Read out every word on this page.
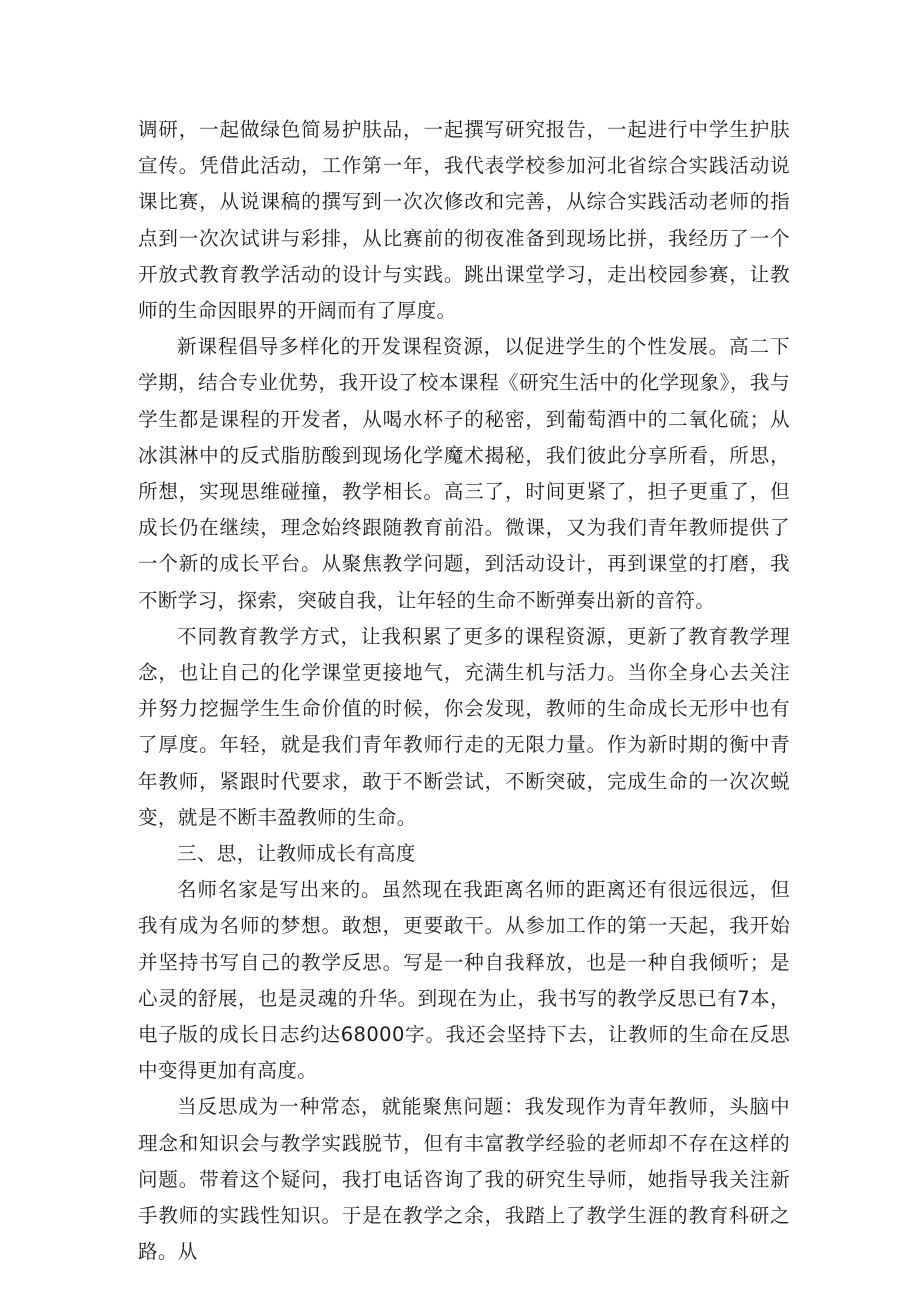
调研，一起做绿色简易护肤品，一起撰写研究报告，一起进行中学生护肤宣传。凭借此活动，工作第一年，我代表学校参加河北省综合实践活动说课比赛，从说课稿的撰写到一次次修改和完善，从综合实践活动老师的指点到一次次试讲与彩排，从比赛前的彻夜准备到现场比拼，我经历了一个开放式教育教学活动的设计与实践。跳出课堂学习，走出校园参赛，让教师的生命因眼界的开阔而有了厚度。

新课程倡导多样化的开发课程资源，以促进学生的个性发展。高二下学期，结合专业优势，我开设了校本课程《研究生活中的化学现象》，我与学生都是课程的开发者，从喝水杯子的秘密，到葡萄酒中的二氧化硫；从冰淇淋中的反式脂肪酸到现场化学魔术揭秘，我们彼此分享所看，所思，所想，实现思维碰撞，教学相长。高三了，时间更紧了，担子更重了，但成长仍在继续，理念始终跟随教育前沿。微课，又为我们青年教师提供了一个新的成长平台。从聚焦教学问题，到活动设计，再到课堂的打磨，我不断学习，探索，突破自我，让年轻的生命不断弹奏出新的音符。

不同教育教学方式，让我积累了更多的课程资源，更新了教育教学理念，也让自己的化学课堂更接地气，充满生机与活力。当你全身心去关注并努力挖掘学生生命价值的时候，你会发现，教师的生命成长无形中也有了厚度。年轻，就是我们青年教师行走的无限力量。作为新时期的衡中青年教师，紧跟时代要求，敢于不断尝试，不断突破，完成生命的一次次蜕变，就是不断丰盈教师的生命。

三、思，让教师成长有高度

名师名家是写出来的。虽然现在我距离名师的距离还有很远很远，但我有成为名师的梦想。敢想，更要敢干。从参加工作的第一天起，我开始并坚持书写自己的教学反思。写是一种自我释放，也是一种自我倾听；是心灵的舒展，也是灵魂的升华。到现在为止，我书写的教学反思已有7本，电子版的成长日志约达68000字。我还会坚持下去，让教师的生命在反思中变得更加有高度。

当反思成为一种常态，就能聚焦问题：我发现作为青年教师，头脑中理念和知识会与教学实践脱节，但有丰富教学经验的老师却不存在这样的问题。带着这个疑问，我打电话咨询了我的研究生导师，她指导我关注新手教师的实践性知识。于是在教学之余，我踏上了教学生涯的教育科研之路。从
